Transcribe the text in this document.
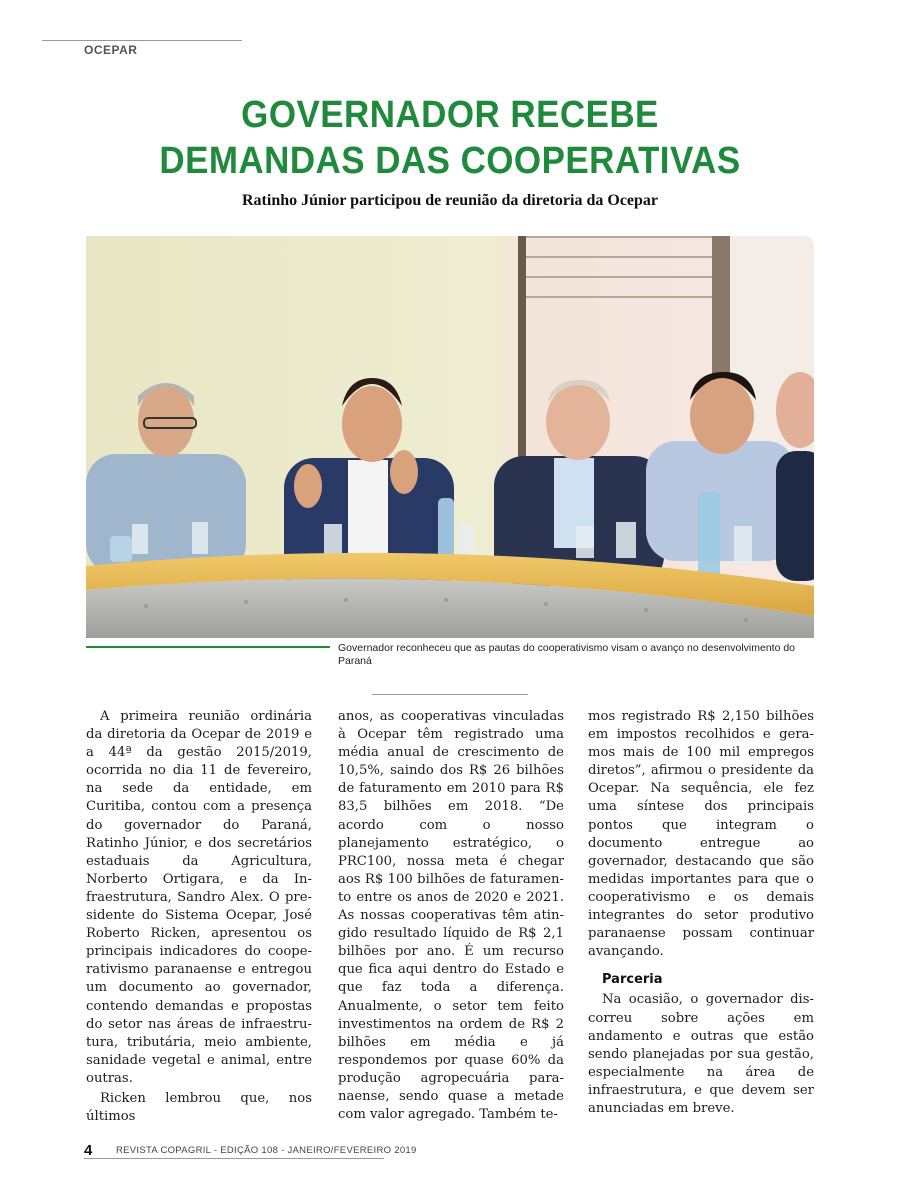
OCEPAR
GOVERNADOR RECEBE
DEMANDAS DAS COOPERATIVAS
Ratinho Júnior participou de reunião da diretoria da Ocepar
Governador reconheceu que as pautas do cooperativismo visam o avanço no desenvolvimento do Paraná

A primeira reunião ordinária da diretoria da Ocepar de 2019 e a 44ª da gestão 2015/2019, ocorrida no dia 11 de fevereiro, na sede da entidade, em Curitiba, contou com a presença do governador do Paraná, Ratinho Júnior, e dos secretários estaduais da Agricultura, Norberto Ortigara, e da Infraestrutura, Sandro Alex. O presidente do Sistema Ocepar, José Roberto Ricken, apresentou os principais indicadores do cooperativismo paranaense e entregou um documento ao governador, contendo demandas e propostas do setor nas áreas de infraestrutura, tributária, meio ambiente, sanidade vegetal e animal, entre outras.

Ricken lembrou que, nos últimos

anos, as cooperativas vinculadas à Ocepar têm registrado uma média anual de crescimento de 10,5%, saindo dos R$ 26 bilhões de faturamento em 2010 para R$ 83,5 bilhões em 2018. “De acordo com o nosso planejamento estratégico, o PRC100, nossa meta é chegar aos R$ 100 bilhões de faturamento entre os anos de 2020 e 2021. As nossas cooperativas têm atingido resultado líquido de R$ 2,1 bilhões por ano. É um recurso que fica aqui dentro do Estado e que faz toda a diferença. Anualmente, o setor tem feito investimentos na ordem de R$ 2 bilhões em média e já respondemos por quase 60% da produção agropecuária paranaense, sendo quase a metade com valor agregado. Também te-

mos registrado R$ 2,150 bilhões em impostos recolhidos e geramos mais de 100 mil empregos diretos”, afirmou o presidente da Ocepar. Na sequência, ele fez uma síntese dos principais pontos que integram o documento entregue ao governador, destacando que são medidas importantes para que o cooperativismo e os demais integrantes do setor produtivo paranaense possam continuar avançando.

Parceria

Na ocasião, o governador discorreu sobre ações em andamento e outras que estão sendo planejadas por sua gestão, especialmente na área de infraestrutura, e que devem ser anunciadas em breve.

4 REVISTA COPAGRIL - EDIÇÃO 108 - JANEIRO/FEVEREIRO 2019
